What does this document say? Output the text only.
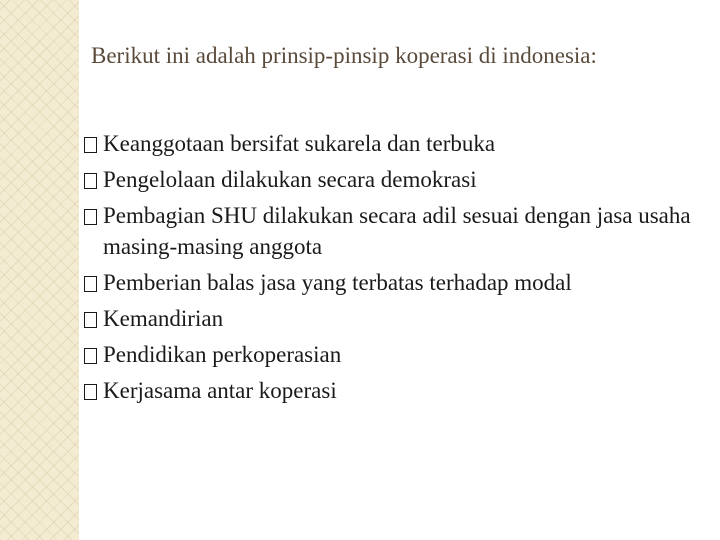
Berikut ini adalah prinsip-pinsip koperasi di indonesia:
Keanggotaan bersifat sukarela dan terbuka
Pengelolaan dilakukan secara demokrasi
Pembagian SHU dilakukan secara adil sesuai dengan jasa usaha masing-masing anggota
Pemberian balas jasa yang terbatas terhadap modal
Kemandirian
Pendidikan perkoperasian
Kerjasama antar koperasi
